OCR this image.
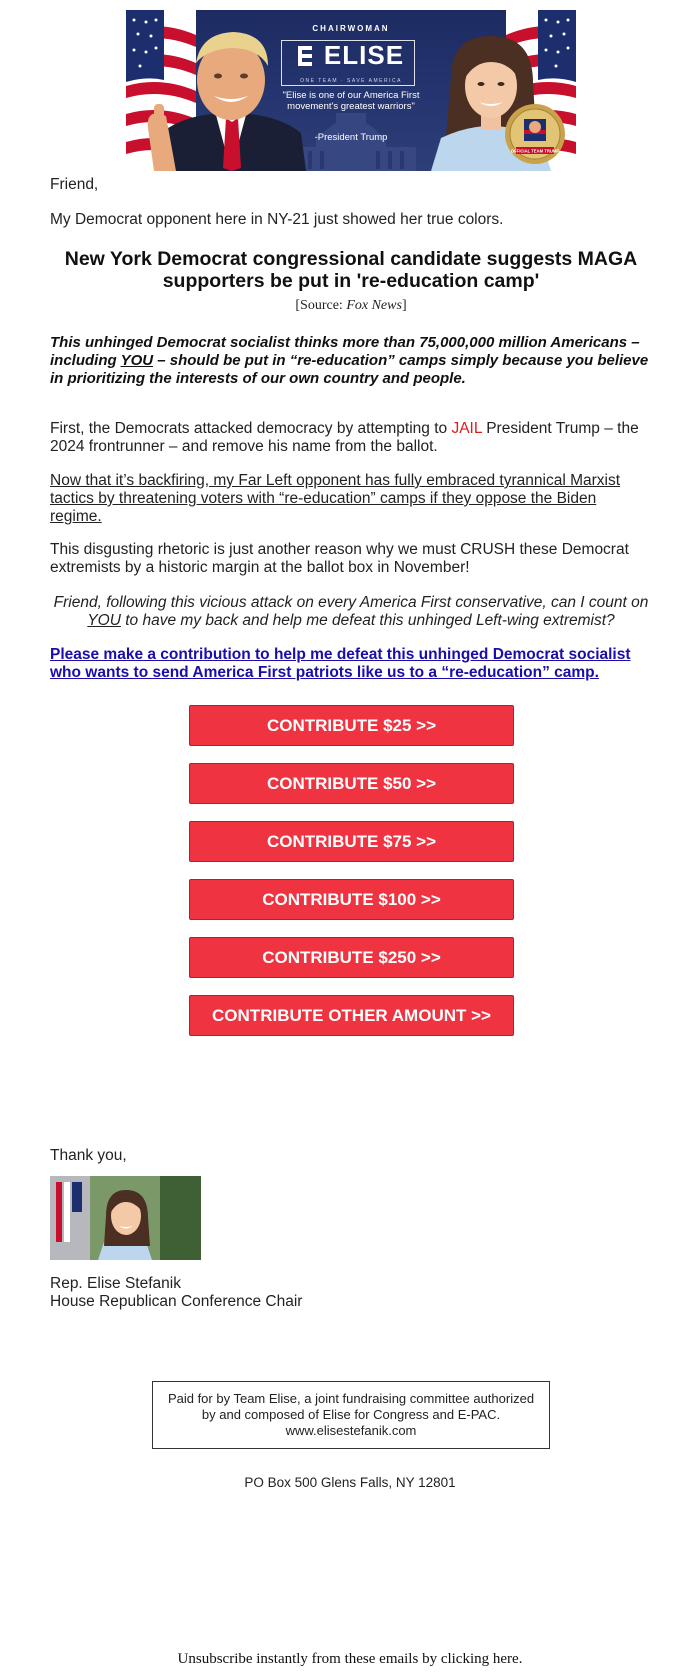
CHAIRWOMAN
ELISE
ONE TEAM · SAVE AMERICA
"Elise is one of our America First movement's greatest warriors"
-President Trump
OFFICIAL TEAM TRUMP
Friend,
My Democrat opponent here in NY-21 just showed her true colors.
New York Democrat congressional candidate suggests MAGA supporters be put in 're-education camp'
[Source: Fox News]
This unhinged Democrat socialist thinks more than 75,000,000 million Americans – including YOU – should be put in “re-education” camps simply because you believe in prioritizing the interests of our own country and people.
First, the Democrats attacked democracy by attempting to JAIL President Trump – the 2024 frontrunner – and remove his name from the ballot.
Now that it’s backfiring, my Far Left opponent has fully embraced tyrannical Marxist tactics by threatening voters with “re-education” camps if they oppose the Biden regime.
This disgusting rhetoric is just another reason why we must CRUSH these Democrat extremists by a historic margin at the ballot box in November!
Friend, following this vicious attack on every America First conservative, can I count on YOU to have my back and help me defeat this unhinged Left-wing extremist?
Please make a contribution to help me defeat this unhinged Democrat socialist who wants to send America First patriots like us to a “re-education” camp.
CONTRIBUTE $25 >>
CONTRIBUTE $50 >>
CONTRIBUTE $75 >>
CONTRIBUTE $100 >>
CONTRIBUTE $250 >>
CONTRIBUTE OTHER AMOUNT >>
Thank you,
Rep. Elise Stefanik
House Republican Conference Chair
Paid for by Team Elise, a joint fundraising committee authorized by and composed of Elise for Congress and E-PAC. www.elisestefanik.com
PO Box 500 Glens Falls, NY 12801
Unsubscribe instantly from these emails by clicking here.
